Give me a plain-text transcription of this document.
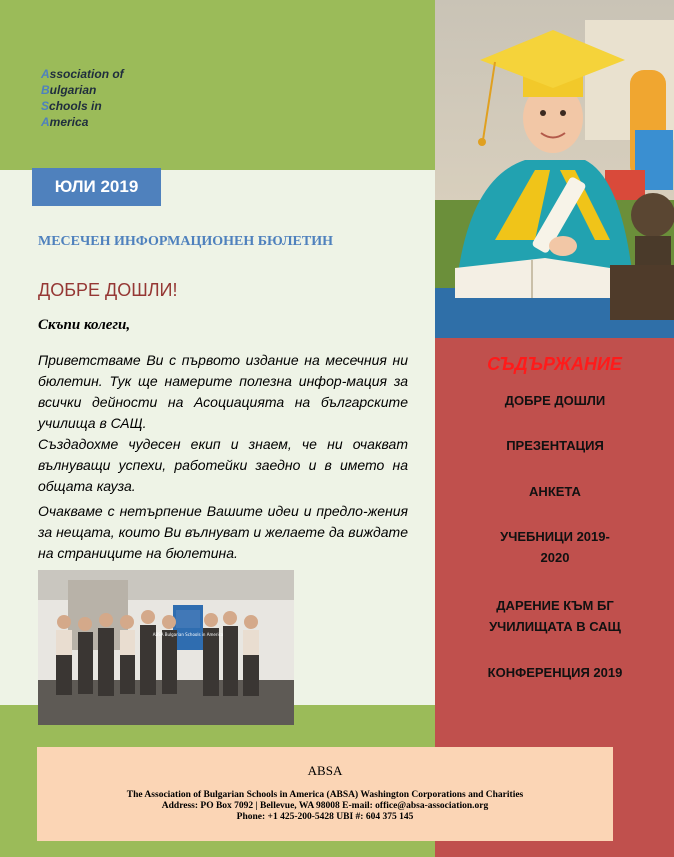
Association of
Bulgarian
Schools in
America
ЮЛИ 2019
МЕСЕЧЕН ИНФОРМАЦИОНЕН БЮЛЕТИН
ДОБРЕ ДОШЛИ!
Скъпи колеги,

Приветстваме Ви с първото издание на месечния ни бюлетин. Тук ще намерите полезна инфор-мация за всички дейности на Асоциацията на българските училища в САЩ.

Създадохме чудесен екип и знаем, че ни очакват вълнуващи успехи, работейки заедно и в името на общата кауза.

Очакваме с нетърпение Вашите идеи и предло-жения за нещата, които Ви вълнуват и желаете да виждате на страниците на бюлетина.

ABSA Bulgarian Schools in America
СЪДЪРЖАНИЕ
ДОБРЕ ДОШЛИ
ПРЕЗЕНТАЦИЯ
АНКЕТА
УЧЕБНИЦИ 2019-
2020
ДАРЕНИЕ КЪМ БГ
УЧИЛИЩАТА В САЩ
КОНФЕРЕНЦИЯ 2019
ABSA
The Association of Bulgarian Schools in America (ABSA) Washington Corporations and Charities
Address: PO Box 7092 | Bellevue, WA 98008 E-mail: office@absa-association.org
Phone: +1 425-200-5428 UBI #: 604 375 145
